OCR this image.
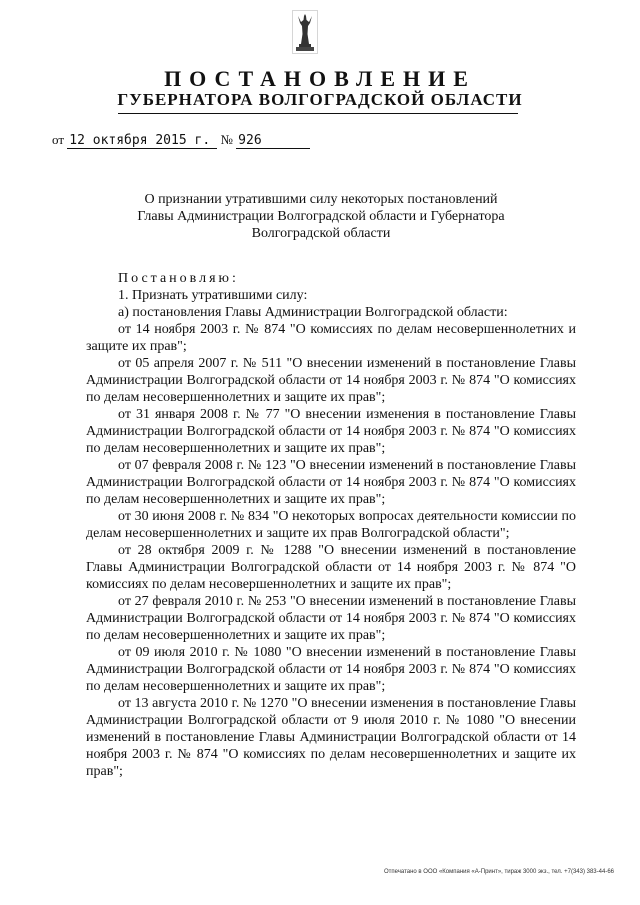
ПОСТАНОВЛЕНИЕ
ГУБЕРНАТОРА ВОЛГОГРАДСКОЙ ОБЛАСТИ
от 12 октября 2015 г. № 926
О признании утратившими силу некоторых постановлений
Главы Администрации Волгоградской области и Губернатора
Волгоградской области

Постановляю:

1. Признать утратившими силу:

а) постановления Главы Администрации Волгоградской области:

от 14 ноября 2003 г. № 874 "О комиссиях по делам несовершеннолетних и защите их прав";

от 05 апреля 2007 г. № 511 "О внесении изменений в постановление Главы Администрации Волгоградской области от 14 ноября 2003 г. № 874 "О комиссиях по делам несовершеннолетних и защите их прав";

от 31 января 2008 г. № 77 "О внесении изменения в постановление Главы Администрации Волгоградской области от 14 ноября 2003 г. № 874 "О комиссиях по делам несовершеннолетних и защите их прав";

от 07 февраля 2008 г. № 123 "О внесении изменений в постановление Главы Администрации Волгоградской области от 14 ноября 2003 г. № 874 "О комиссиях по делам несовершеннолетних и защите их прав";

от 30 июня 2008 г. № 834 "О некоторых вопросах деятельности комиссии по делам несовершеннолетних и защите их прав Волгоградской области";

от 28 октября 2009 г. № 1288 "О внесении изменений в постановление Главы Администрации Волгоградской области от 14 ноября 2003 г. № 874 "О комиссиях по делам несовершеннолетних и защите их прав";

от 27 февраля 2010 г. № 253 "О внесении изменений в постановление Главы Администрации Волгоградской области от 14 ноября 2003 г. № 874 "О комиссиях по делам несовершеннолетних и защите их прав";

от 09 июля 2010 г. № 1080 "О внесении изменений в постановление Главы Администрации Волгоградской области от 14 ноября 2003 г. № 874 "О комиссиях по делам несовершеннолетних и защите их прав";

от 13 августа 2010 г. № 1270 "О внесении изменения в постановление Главы Администрации Волгоградской области от 9 июля 2010 г. № 1080 "О внесении изменений в постановление Главы Администрации Волгоградской области от 14 ноября 2003 г. № 874 "О комиссиях по делам несовершеннолетних и защите их прав";

Отпечатано в ООО «Компания «А-Принт», тираж 3000 экз., тел. +7(343) 383-44-66
